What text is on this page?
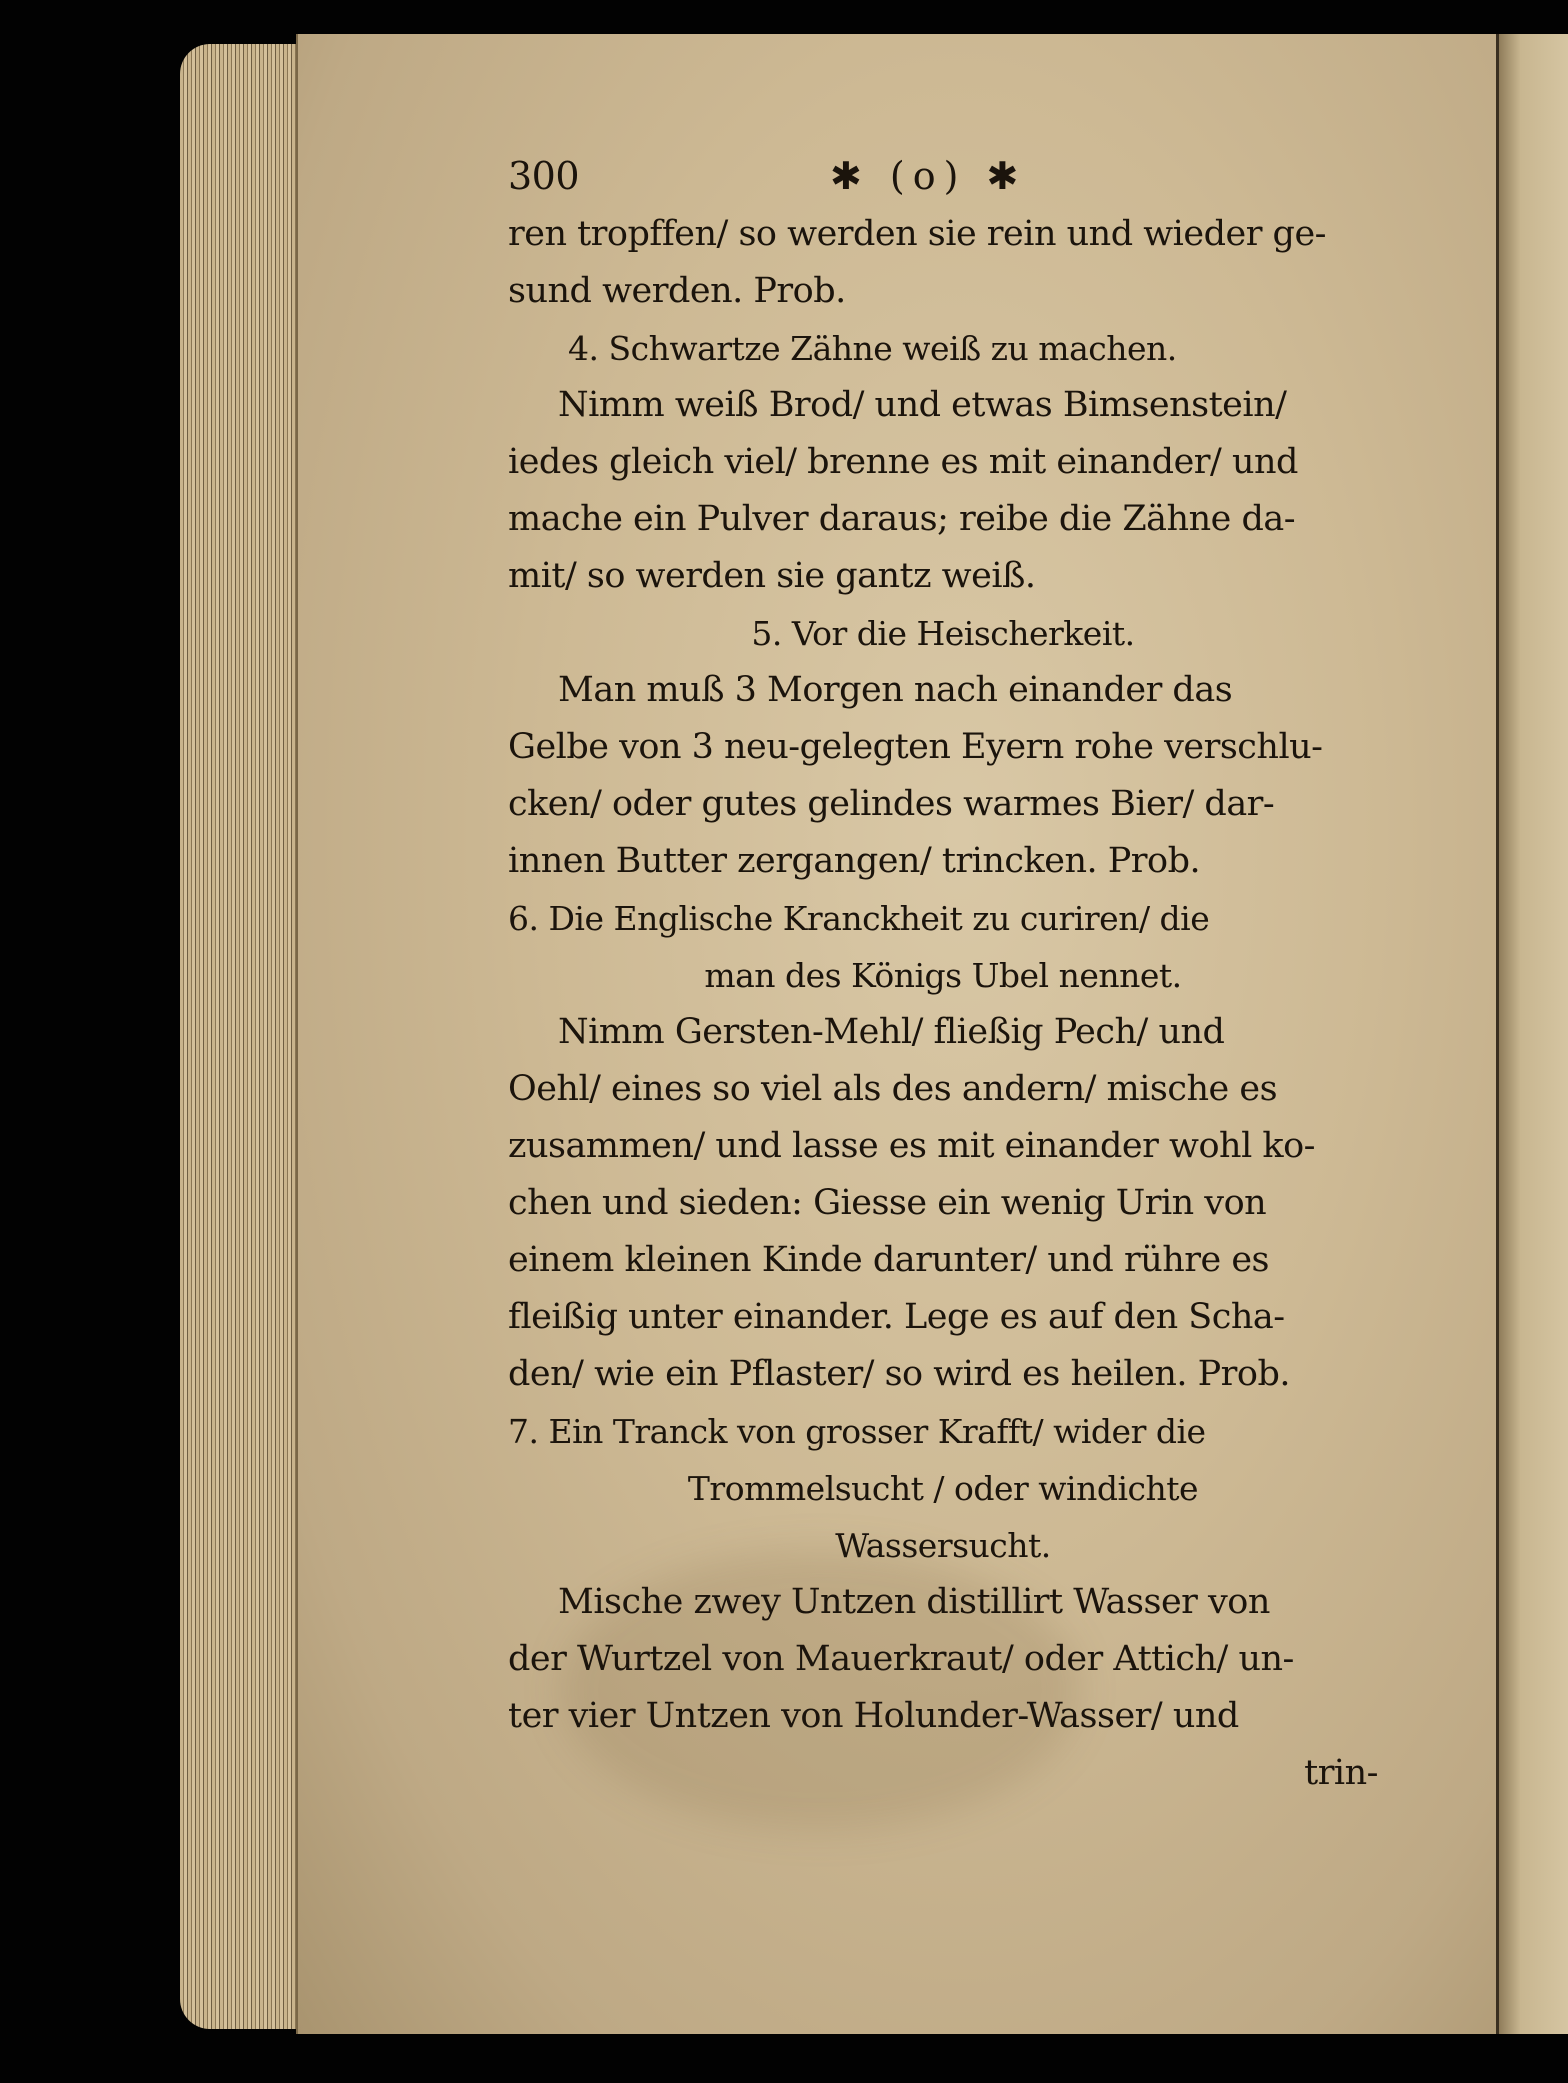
300	✱ (o) ✱
ren tropffen/ so werden sie rein und wieder ge-
sund werden. Prob.
4. Schwartze Zähne weiß zu machen.
Nimm weiß Brod/ und etwas Bimsenstein/
iedes gleich viel/ brenne es mit einander/ und
mache ein Pulver daraus; reibe die Zähne da-
mit/ so werden sie gantz weiß.
5. Vor die Heischerkeit.
Man muß 3 Morgen nach einander das
Gelbe von 3 neu-gelegten Eyern rohe verschlu-
cken/ oder gutes gelindes warmes Bier/ dar-
innen Butter zergangen/ trincken. Prob.
6. Die Englische Kranckheit zu curiren/ die
man des Königs Ubel nennet.
Nimm Gersten-Mehl/ fließig Pech/ und
Oehl/ eines so viel als des andern/ mische es
zusammen/ und lasse es mit einander wohl ko-
chen und sieden: Giesse ein wenig Urin von
einem kleinen Kinde darunter/ und rühre es
fleißig unter einander. Lege es auf den Scha-
den/ wie ein Pflaster/ so wird es heilen. Prob.
7. Ein Tranck von grosser Krafft/ wider die
Trommelsucht / oder windichte
Wassersucht.
Mische zwey Untzen distillirt Wasser von
der Wurtzel von Mauerkraut/ oder Attich/ un-
ter vier Untzen von Holunder-Wasser/ und
trin-
